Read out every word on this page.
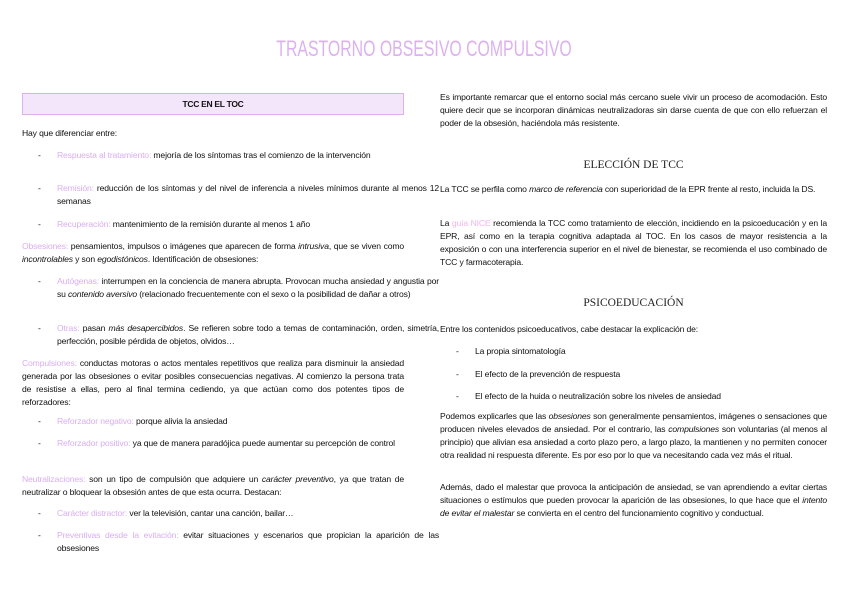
TRASTORNO OBSESIVO COMPULSIVO
TCC EN EL TOC
Hay que diferenciar entre:
- Respuesta al tratamiento: mejoría de los síntomas tras el comienzo de la intervención
- Remisión: reducción de los síntomas y del nivel de inferencia a niveles mínimos durante al menos 12 semanas
- Recuperación: mantenimiento de la remisión durante al menos 1 año
Obsesiones: pensamientos, impulsos o imágenes que aparecen de forma intrusiva, que se viven como incontrolables y son egodistónicos. Identificación de obsesiones:
- Autógenas: interrumpen en la conciencia de manera abrupta. Provocan mucha ansiedad y angustia por su contenido aversivo (relacionado frecuentemente con el sexo o la posibilidad de dañar a otros)
- Otras: pasan más desapercibidos. Se refieren sobre todo a temas de contaminación, orden, simetría, perfección, posible pérdida de objetos, olvidos…
Compulsiones: conductas motoras o actos mentales repetitivos que realiza para disminuir la ansiedad generada por las obsesiones o evitar posibles consecuencias negativas. Al comienzo la persona trata de resistise a ellas, pero al final termina cediendo, ya que actúan como dos potentes tipos de reforzadores:
- Reforzador negativo: porque alivia la ansiedad
- Reforzador positivo: ya que de manera paradójica puede aumentar su percepción de control
Neutralizaciones: son un tipo de compulsión que adquiere un carácter preventivo, ya que tratan de neutralizar o bloquear la obsesión antes de que esta ocurra. Destacan:
- Carácter distractor: ver la televisión, cantar una canción, bailar…
- Preventivas desde la evitación: evitar situaciones y escenarios que propician la aparición de las obsesiones
Es importante remarcar que el entorno social más cercano suele vivir un proceso de acomodación. Esto quiere decir que se incorporan dinámicas neutralizadoras sin darse cuenta de que con ello refuerzan el poder de la obsesión, haciéndola más resistente.
La TCC se perfila como marco de referencia con superioridad de la EPR frente al resto, incluida la DS.
La guía NICE recomienda la TCC como tratamiento de elección, incidiendo en la psicoeducación y en la EPR, así como en la terapia cognitiva adaptada al TOC. En los casos de mayor resistencia a la exposición o con una interferencia superior en el nivel de bienestar, se recomienda el uso combinado de TCC y farmacoterapia.
Entre los contenidos psicoeducativos, cabe destacar la explicación de:
- La propia sintomatología
- El efecto de la prevención de respuesta
- El efecto de la huida o neutralización sobre los niveles de ansiedad
Podemos explicarles que las obsesiones son generalmente pensamientos, imágenes o sensaciones que producen niveles elevados de ansiedad. Por el contrario, las compulsiones son voluntarias (al menos al principio) que alivian esa ansiedad a corto plazo pero, a largo plazo, la mantienen y no permiten conocer otra realidad ni respuesta diferente. Es por eso por lo que va necesitando cada vez más el ritual.
Además, dado el malestar que provoca la anticipación de ansiedad, se van aprendiendo a evitar ciertas situaciones o estímulos que pueden provocar la aparición de las obsesiones, lo que hace que el intento de evitar el malestar se convierta en el centro del funcionamiento cognitivo y conductual.
ELECCIÓN DE TCC
PSICOEDUCACIÓN
